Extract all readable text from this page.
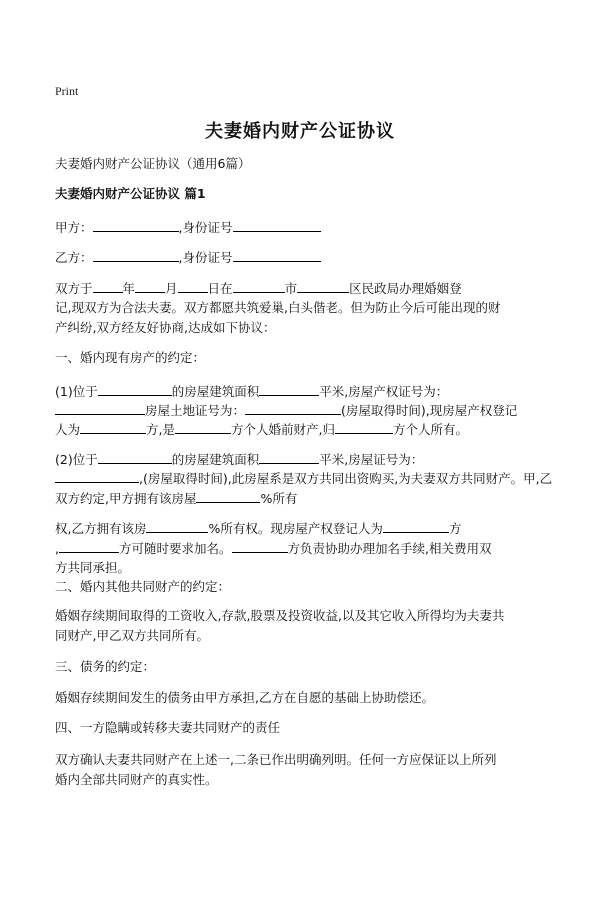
Print
夫妻婚内财产公证协议
夫妻婚内财产公证协议（通用6篇）
夫妻婚内财产公证协议 篇1
甲方：	,身份证号
乙方：	,身份证号
双方于 年 月 日在	市	区民政局办理婚姻登
记,现双方为合法夫妻。双方都愿共筑爱巢,白头偕老。但为防止今后可能出现的财
产纠纷,双方经友好协商,达成如下协议：
一、婚内现有房产的约定：
(1)位于	的房屋建筑面积	平米,房屋产权证号为：
房屋土地证号为：	(房屋取得时间),现房屋产权登记
人为	方,是	方个人婚前财产,归	方个人所有。
(2)位于	的房屋建筑面积	平米,房屋证号为：
,(房屋取得时间),此房屋系是双方共同出资购买,为夫妻双方共同财产。甲,乙
双方约定,甲方拥有该房屋	%所有
权,乙方拥有该房	%所有权。现房屋产权登记人为	方
,	方可随时要求加名。	方负责协助办理加名手续,相关费用双
方共同承担。
二、婚内其他共同财产的约定：
婚姻存续期间取得的工资收入,存款,股票及投资收益,以及其它收入所得均为夫妻共
同财产,甲乙双方共同所有。
三、债务的约定：
婚姻存续期间发生的债务由甲方承担,乙方在自愿的基础上协助偿还。
四、一方隐瞒或转移夫妻共同财产的责任
双方确认夫妻共同财产在上述一,二条已作出明确列明。任何一方应保证以上所列
婚内全部共同财产的真实性。
